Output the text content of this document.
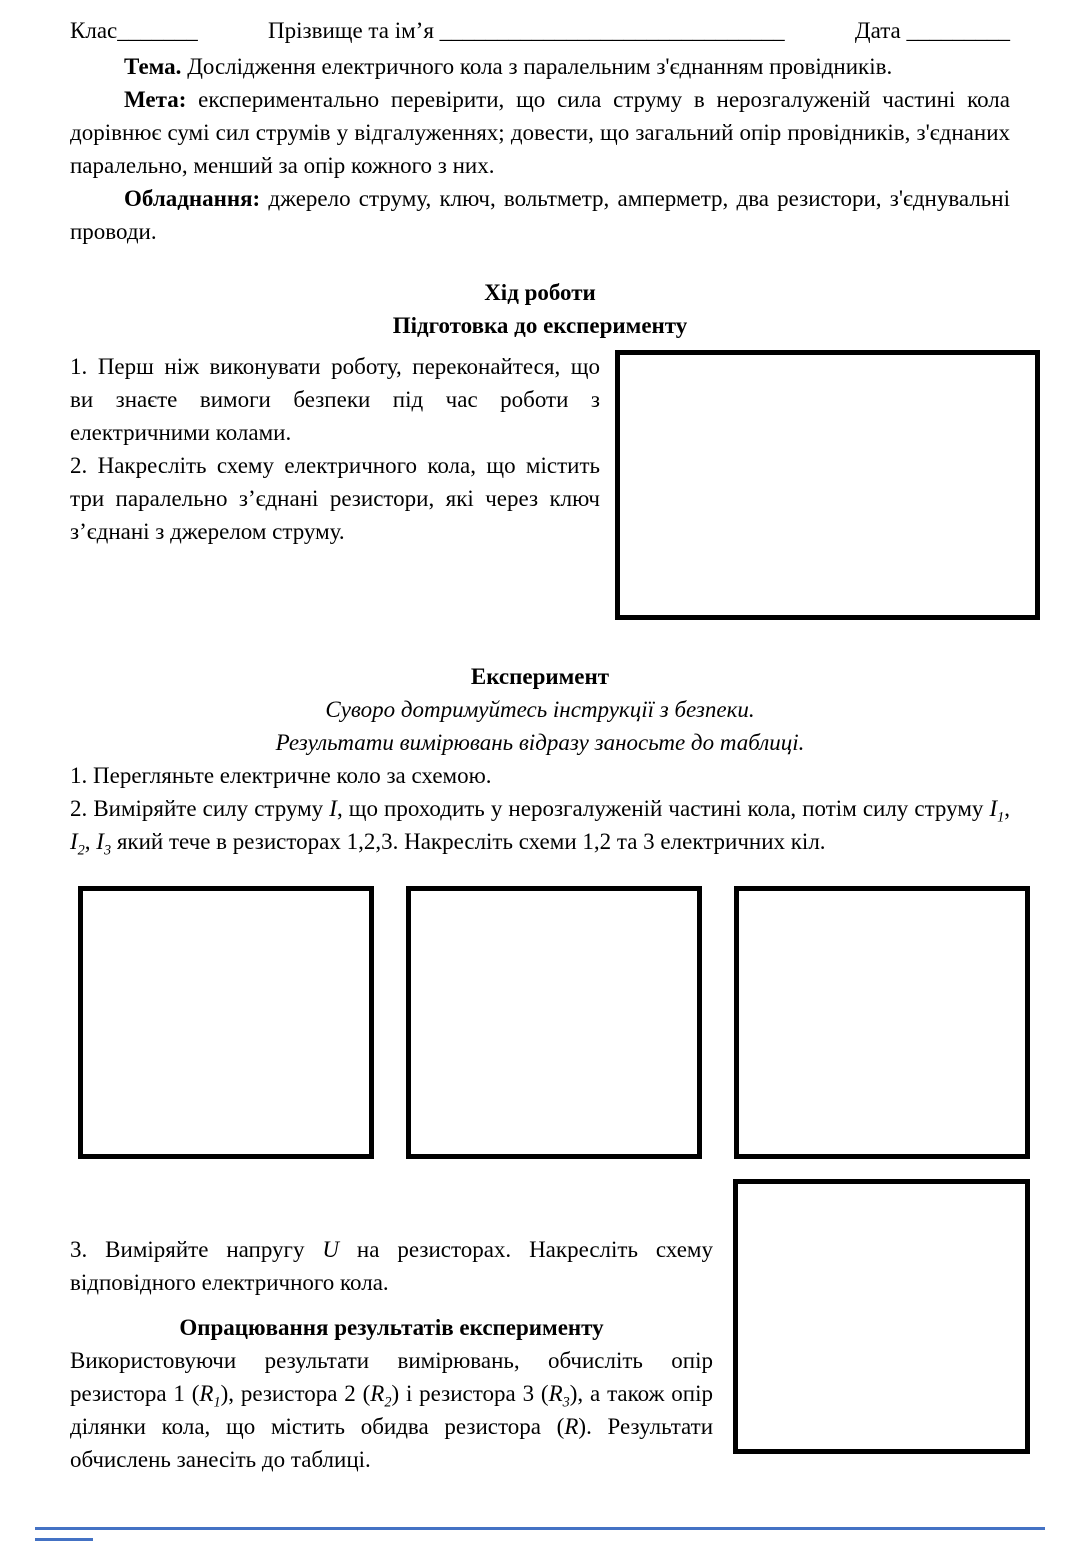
Клас_______	Прізвище та ім’я ______________________________	Дата _________

Тема. Дослідження електричного кола з паралельним з'єднанням провідників.

Мета: експериментально перевірити, що сила струму в нерозгалуженій частині кола дорівнює сумі сил струмів у відгалуженнях; довести, що загальний опір провідників, з'єднаних паралельно, менший за опір кожного з них.

Обладнання: джерело струму, ключ, вольтметр, амперметр, два резистори, з'єднувальні проводи.

Хід роботи
Підготовка до експерименту

1. Перш ніж виконувати роботу, переконайтеся, що ви знаєте вимоги безпеки під час роботи з електричними колами.

2. Накресліть схему електричного кола, що містить три паралельно з’єднані резистори, які через ключ з’єднані з джерелом струму.

Експеримент

Суворо дотримуйтесь інструкції з безпеки.

Результати вимірювань відразу заносьте до таблиці.

1. Перегляньте електричне коло за схемою.

2. Виміряйте силу струму I, що проходить у нерозгалуженій частині кола, потім силу струму $I_1$, $I_2$, $I_3$ який тече в резисторах 1,2,3. Накресліть схеми 1,2 та 3 електричних кіл.

3. Виміряйте напругу U на резисторах. Накресліть схему відповідного електричного кола.

Опрацювання результатів експерименту

Використовуючи результати вимірювань, обчисліть опір резистора 1 $(R_1)$, резистора 2 $(R_2)$ і резистора 3 $(R_3)$, а також опір ділянки кола, що містить обидва резистора (R). Результати обчислень занесіть до таблиці.
